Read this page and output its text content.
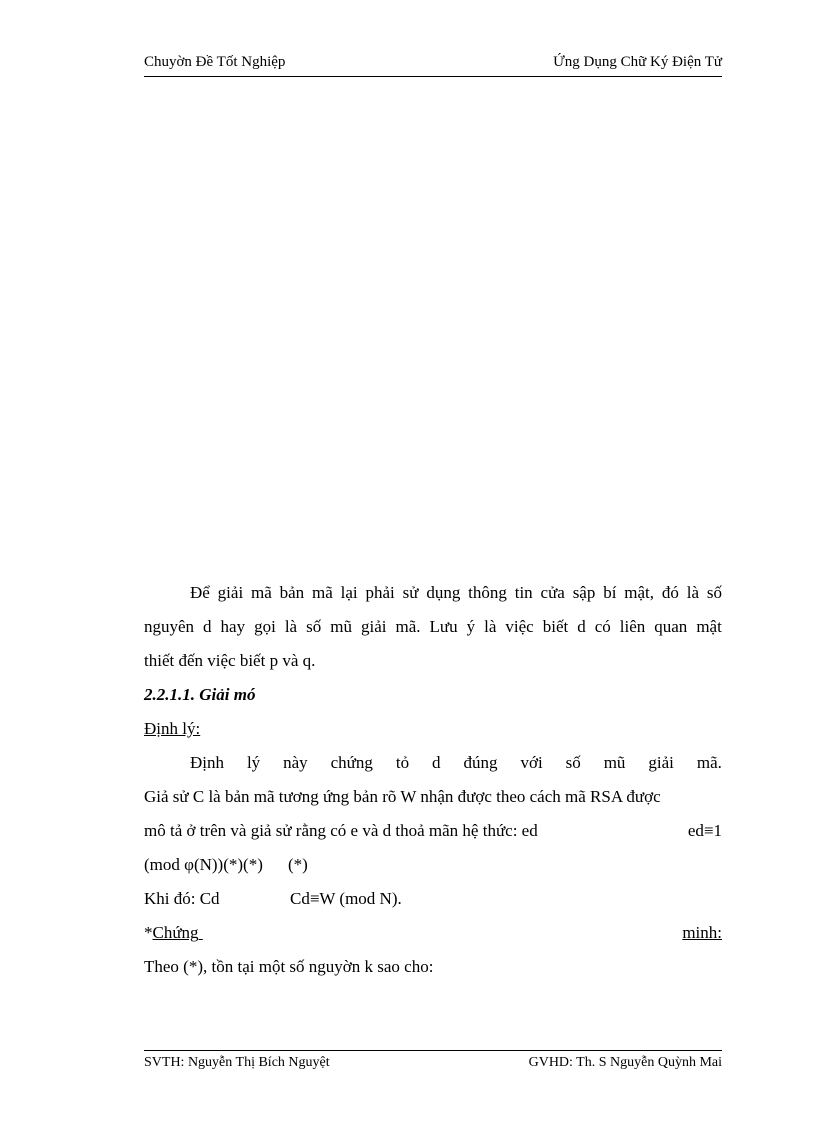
Chuyờn Đề Tốt Nghiệp	Ứng Dụng Chữ Ký Điện Tử
Để giải mã bản mã lại phải sử dụng thông tin cửa sập bí mật, đó là số
nguyên d hay gọi là số mũ giải mã. Lưu ý là việc biết d có liên quan mật
thiết đến việc biết p và q.
2.2.1.1. Giải mó
Định lý:
Định lý này chứng tỏ d đúng với số mũ giải mã.
Giả sử C là bản mã tương ứng bản rõ W nhận được theo cách mã RSA được
mô tả ở trên và giả sử rằng có e và d thoả mãn hệ thức: ed	ed≡1
(mod φ(N))(*)(*) (*)
Khi đó: Cd	Cd≡W (mod N).
*Chứng
	minh:
Theo (*), tồn tại một số nguyờn k sao cho:
SVTH: Nguyễn Thị Bích Nguyệt	GVHD: Th. S Nguyễn Quỳnh Mai
